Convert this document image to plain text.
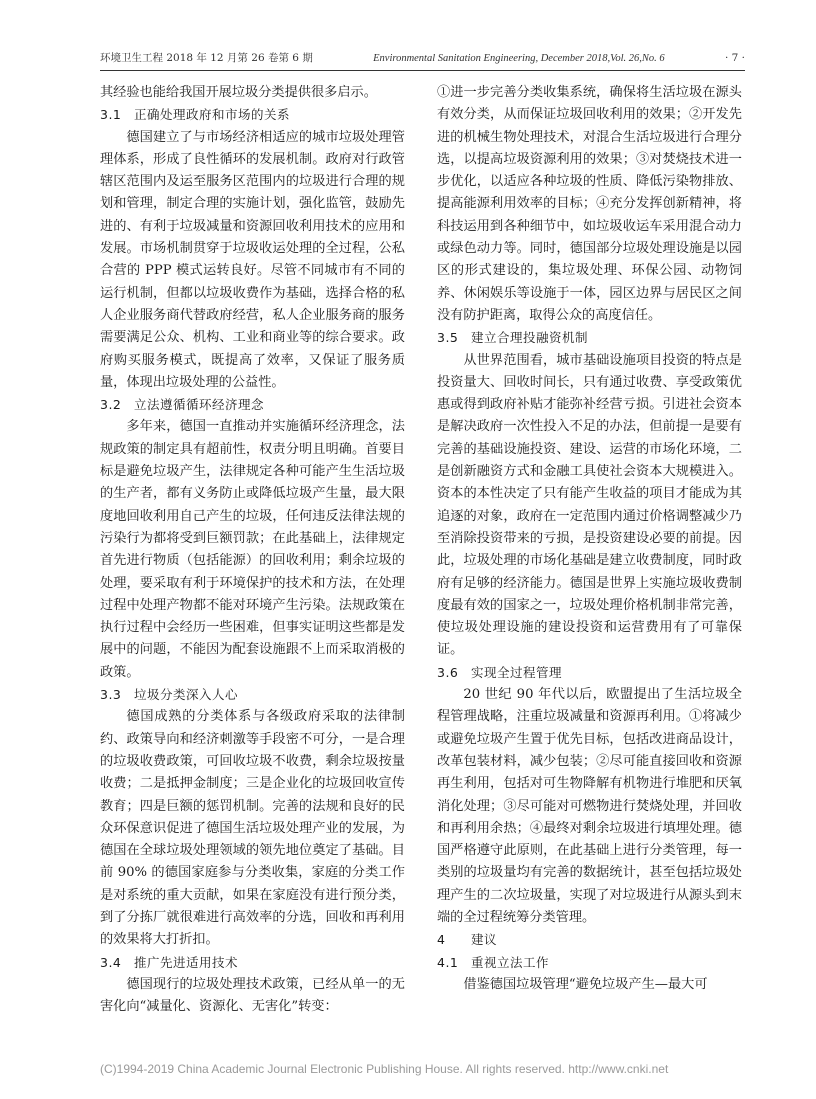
环境卫生工程 2018 年 12 月第 26 卷第 6 期	Environmental Sanitation Engineering, December 2018,Vol. 26,No. 6	· 7 ·

其经验也能给我国开展垃圾分类提供很多启示。

3.1 正确处理政府和市场的关系

德国建立了与市场经济相适应的城市垃圾处理管理体系，形成了良性循环的发展机制。政府对行政管辖区范围内及运至服务区范围内的垃圾进行合理的规划和管理，制定合理的实施计划，强化监管，鼓励先进的、有利于垃圾减量和资源回收利用技术的应用和发展。市场机制贯穿于垃圾收运处理的全过程，公私合营的 PPP 模式运转良好。尽管不同城市有不同的运行机制，但都以垃圾收费作为基础，选择合格的私人企业服务商代替政府经营，私人企业服务商的服务需要满足公众、机构、工业和商业等的综合要求。政府购买服务模式，既提高了效率，又保证了服务质量，体现出垃圾处理的公益性。

3.2 立法遵循循环经济理念

多年来，德国一直推动并实施循环经济理念，法规政策的制定具有超前性，权责分明且明确。首要目标是避免垃圾产生，法律规定各种可能产生生活垃圾的生产者，都有义务防止或降低垃圾产生量，最大限度地回收利用自己产生的垃圾，任何违反法律法规的污染行为都将受到巨额罚款；在此基础上，法律规定首先进行物质（包括能源）的回收利用；剩余垃圾的处理，要采取有利于环境保护的技术和方法，在处理过程中处理产物都不能对环境产生污染。法规政策在执行过程中会经历一些困难，但事实证明这些都是发展中的问题，不能因为配套设施跟不上而采取消极的政策。

3.3 垃圾分类深入人心

德国成熟的分类体系与各级政府采取的法律制约、政策导向和经济刺激等手段密不可分，一是合理的垃圾收费政策，可回收垃圾不收费，剩余垃圾按量收费；二是抵押金制度；三是企业化的垃圾回收宣传教育；四是巨额的惩罚机制。完善的法规和良好的民众环保意识促进了德国生活垃圾处理产业的发展，为德国在全球垃圾处理领域的领先地位奠定了基础。目前 90% 的德国家庭参与分类收集，家庭的分类工作是对系统的重大贡献，如果在家庭没有进行预分类，到了分拣厂就很难进行高效率的分选，回收和再利用的效果将大打折扣。

3.4 推广先进适用技术

德国现行的垃圾处理技术政策，已经从单一的无害化向“减量化、资源化、无害化”转变：

①进一步完善分类收集系统，确保将生活垃圾在源头有效分类，从而保证垃圾回收利用的效果；②开发先进的机械生物处理技术，对混合生活垃圾进行合理分选，以提高垃圾资源利用的效果；③对焚烧技术进一步优化，以适应各种垃圾的性质、降低污染物排放、提高能源利用效率的目标；④充分发挥创新精神，将科技运用到各种细节中，如垃圾收运车采用混合动力或绿色动力等。同时，德国部分垃圾处理设施是以园区的形式建设的，集垃圾处理、环保公园、动物饲养、休闲娱乐等设施于一体，园区边界与居民区之间没有防护距离，取得公众的高度信任。

3.5 建立合理投融资机制

从世界范围看，城市基础设施项目投资的特点是投资量大、回收时间长，只有通过收费、享受政策优惠或得到政府补贴才能弥补经营亏损。引进社会资本是解决政府一次性投入不足的办法，但前提一是要有完善的基础设施投资、建设、运营的市场化环境，二是创新融资方式和金融工具使社会资本大规模进入。资本的本性决定了只有能产生收益的项目才能成为其追逐的对象，政府在一定范围内通过价格调整减少乃至消除投资带来的亏损，是投资建设必要的前提。因此，垃圾处理的市场化基础是建立收费制度，同时政府有足够的经济能力。德国是世界上实施垃圾收费制度最有效的国家之一，垃圾处理价格机制非常完善，使垃圾处理设施的建设投资和运营费用有了可靠保证。

3.6 实现全过程管理

20 世纪 90 年代以后，欧盟提出了生活垃圾全程管理战略，注重垃圾减量和资源再利用。①将减少或避免垃圾产生置于优先目标，包括改进商品设计，改革包装材料，减少包装；②尽可能直接回收和资源再生利用，包括对可生物降解有机物进行堆肥和厌氧消化处理；③尽可能对可燃物进行焚烧处理，并回收和再利用余热；④最终对剩余垃圾进行填埋处理。德国严格遵守此原则，在此基础上进行分类管理，每一类别的垃圾量均有完善的数据统计，甚至包括垃圾处理产生的二次垃圾量，实现了对垃圾进行从源头到末端的全过程统筹分类管理。

4 建议
4.1 重视立法工作

借鉴德国垃圾管理“避免垃圾产生—最大可

(C)1994-2019 China Academic Journal Electronic Publishing House. All rights reserved. http://www.cnki.net
